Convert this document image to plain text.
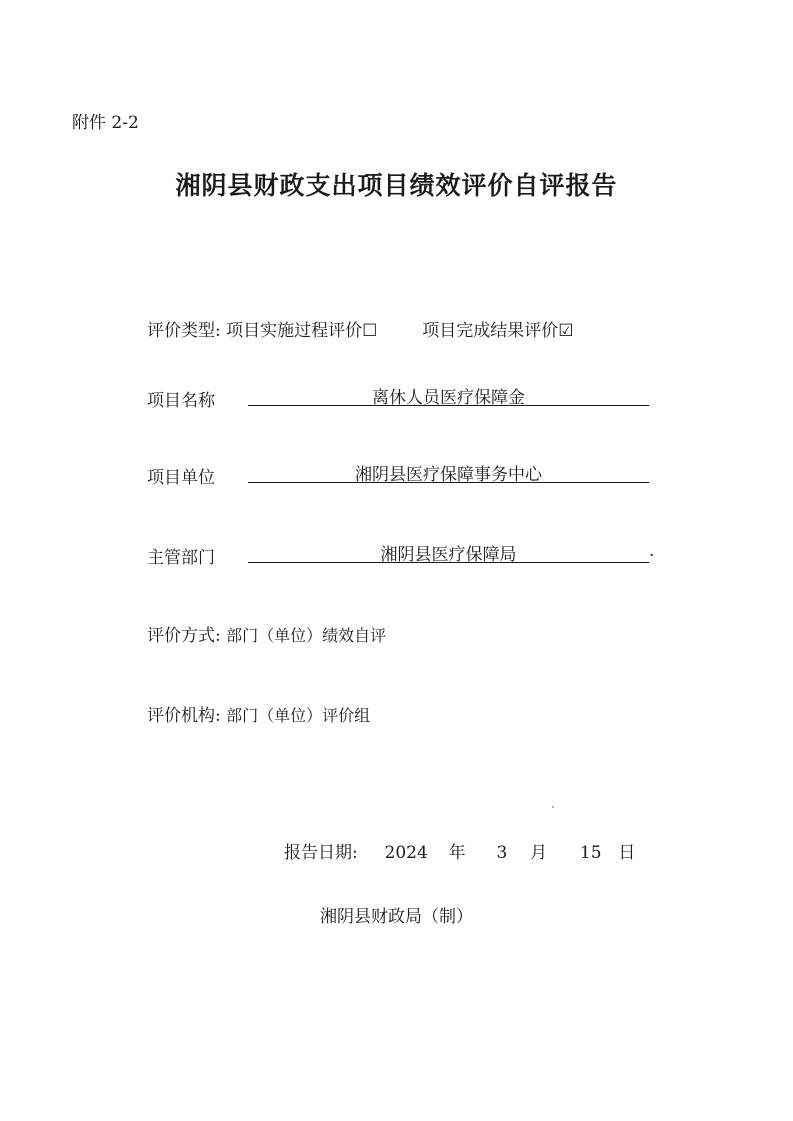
附件 2-2
湘阴县财政支出项目绩效评价自评报告
评价类型: 项目实施过程评价☐	项目完成结果评价☑
项目名称	离休人员医疗保障金
项目单位	湘阴县医疗保障事务中心
主管部门	湘阴县医疗保障局	.
评价方式: 部门（单位）绩效自评
评价机构: 部门（单位）评价组
报告日期: 2024 年 3 月 15 日
湘阴县财政局（制）
